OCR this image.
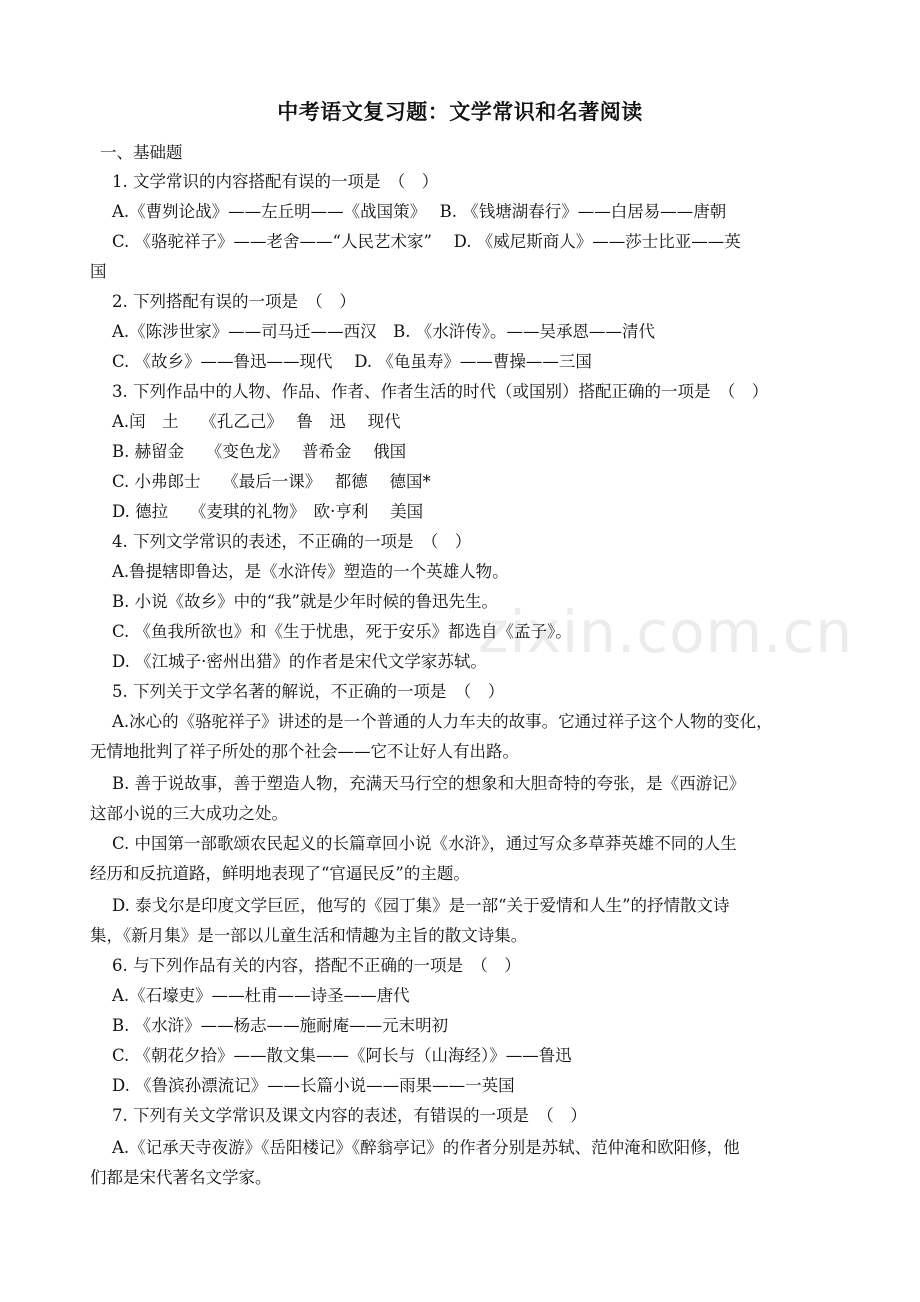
zixin.com.cn
中考语文复习题：文学常识和名著阅读
一、基础题
1. 文学常识的内容搭配有误的一项是　（　）
A.《曹刿论战》——左丘明——《战国策》　 B. 《钱塘湖春行》——白居易——唐朝
C. 《骆驼祥子》——老舍——“人民艺术家”　 D. 《威尼斯商人》——莎士比亚——英
国
2. 下列搭配有误的一项是　（　）
A.《陈涉世家》——司马迁——西汉　B. 《水浒传》。——吴承恩——清代
C. 《故乡》——鲁迅——现代　 D. 《龟虽寿》——曹操——三国
3. 下列作品中的人物、作品、作者、作者生活的时代（或国别）搭配正确的一项是　（　）
A.闰　土　 《孔乙己》　 鲁　迅　 现代
B. 赫留金　 《变色龙》　 普希金　 俄国
C. 小弗郎士　 《最后一课》　 都德　 德国*
D. 德拉　 《麦琪的礼物》　欧·亨利　 美国
4. 下列文学常识的表述，不正确的一项是　（　）
A.鲁提辖即鲁达，是《水浒传》塑造的一个英雄人物。
B. 小说《故乡》中的“我”就是少年时候的鲁迅先生。
C. 《鱼我所欲也》和《生于忧患，死于安乐》都选自《孟子》。
D. 《江城子·密州出猎》的作者是宋代文学家苏轼。
5. 下列关于文学名著的解说，不正确的一项是　（　）
A.冰心的《骆驼祥子》讲述的是一个普通的人力车夫的故事。它通过祥子这个人物的变化，
无情地批判了祥子所处的那个社会——它不让好人有出路。
B. 善于说故事，善于塑造人物，充满天马行空的想象和大胆奇特的夸张，是《西游记》
这部小说的三大成功之处。
C. 中国第一部歌颂农民起义的长篇章回小说《水浒》，通过写众多草莽英雄不同的人生
经历和反抗道路，鲜明地表现了“官逼民反”的主题。
D. 泰戈尔是印度文学巨匠，他写的《园丁集》是一部“关于爱情和人生”的抒情散文诗
集，《新月集》是一部以儿童生活和情趣为主旨的散文诗集。
6. 与下列作品有关的内容，搭配不正确的一项是　（　）
A.《石壕吏》——杜甫——诗圣——唐代
B. 《水浒》——杨志——施耐庵——元末明初
C. 《朝花夕拾》——散文集——《阿长与（山海经）》——鲁迅
D. 《鲁滨孙漂流记》——长篇小说——雨果——一英国
7. 下列有关文学常识及课文内容的表述，有错误的一项是　（　）
A.《记承天寺夜游》《岳阳楼记》《醉翁亭记》的作者分别是苏轼、范仲淹和欧阳修，他
们都是宋代著名文学家。
